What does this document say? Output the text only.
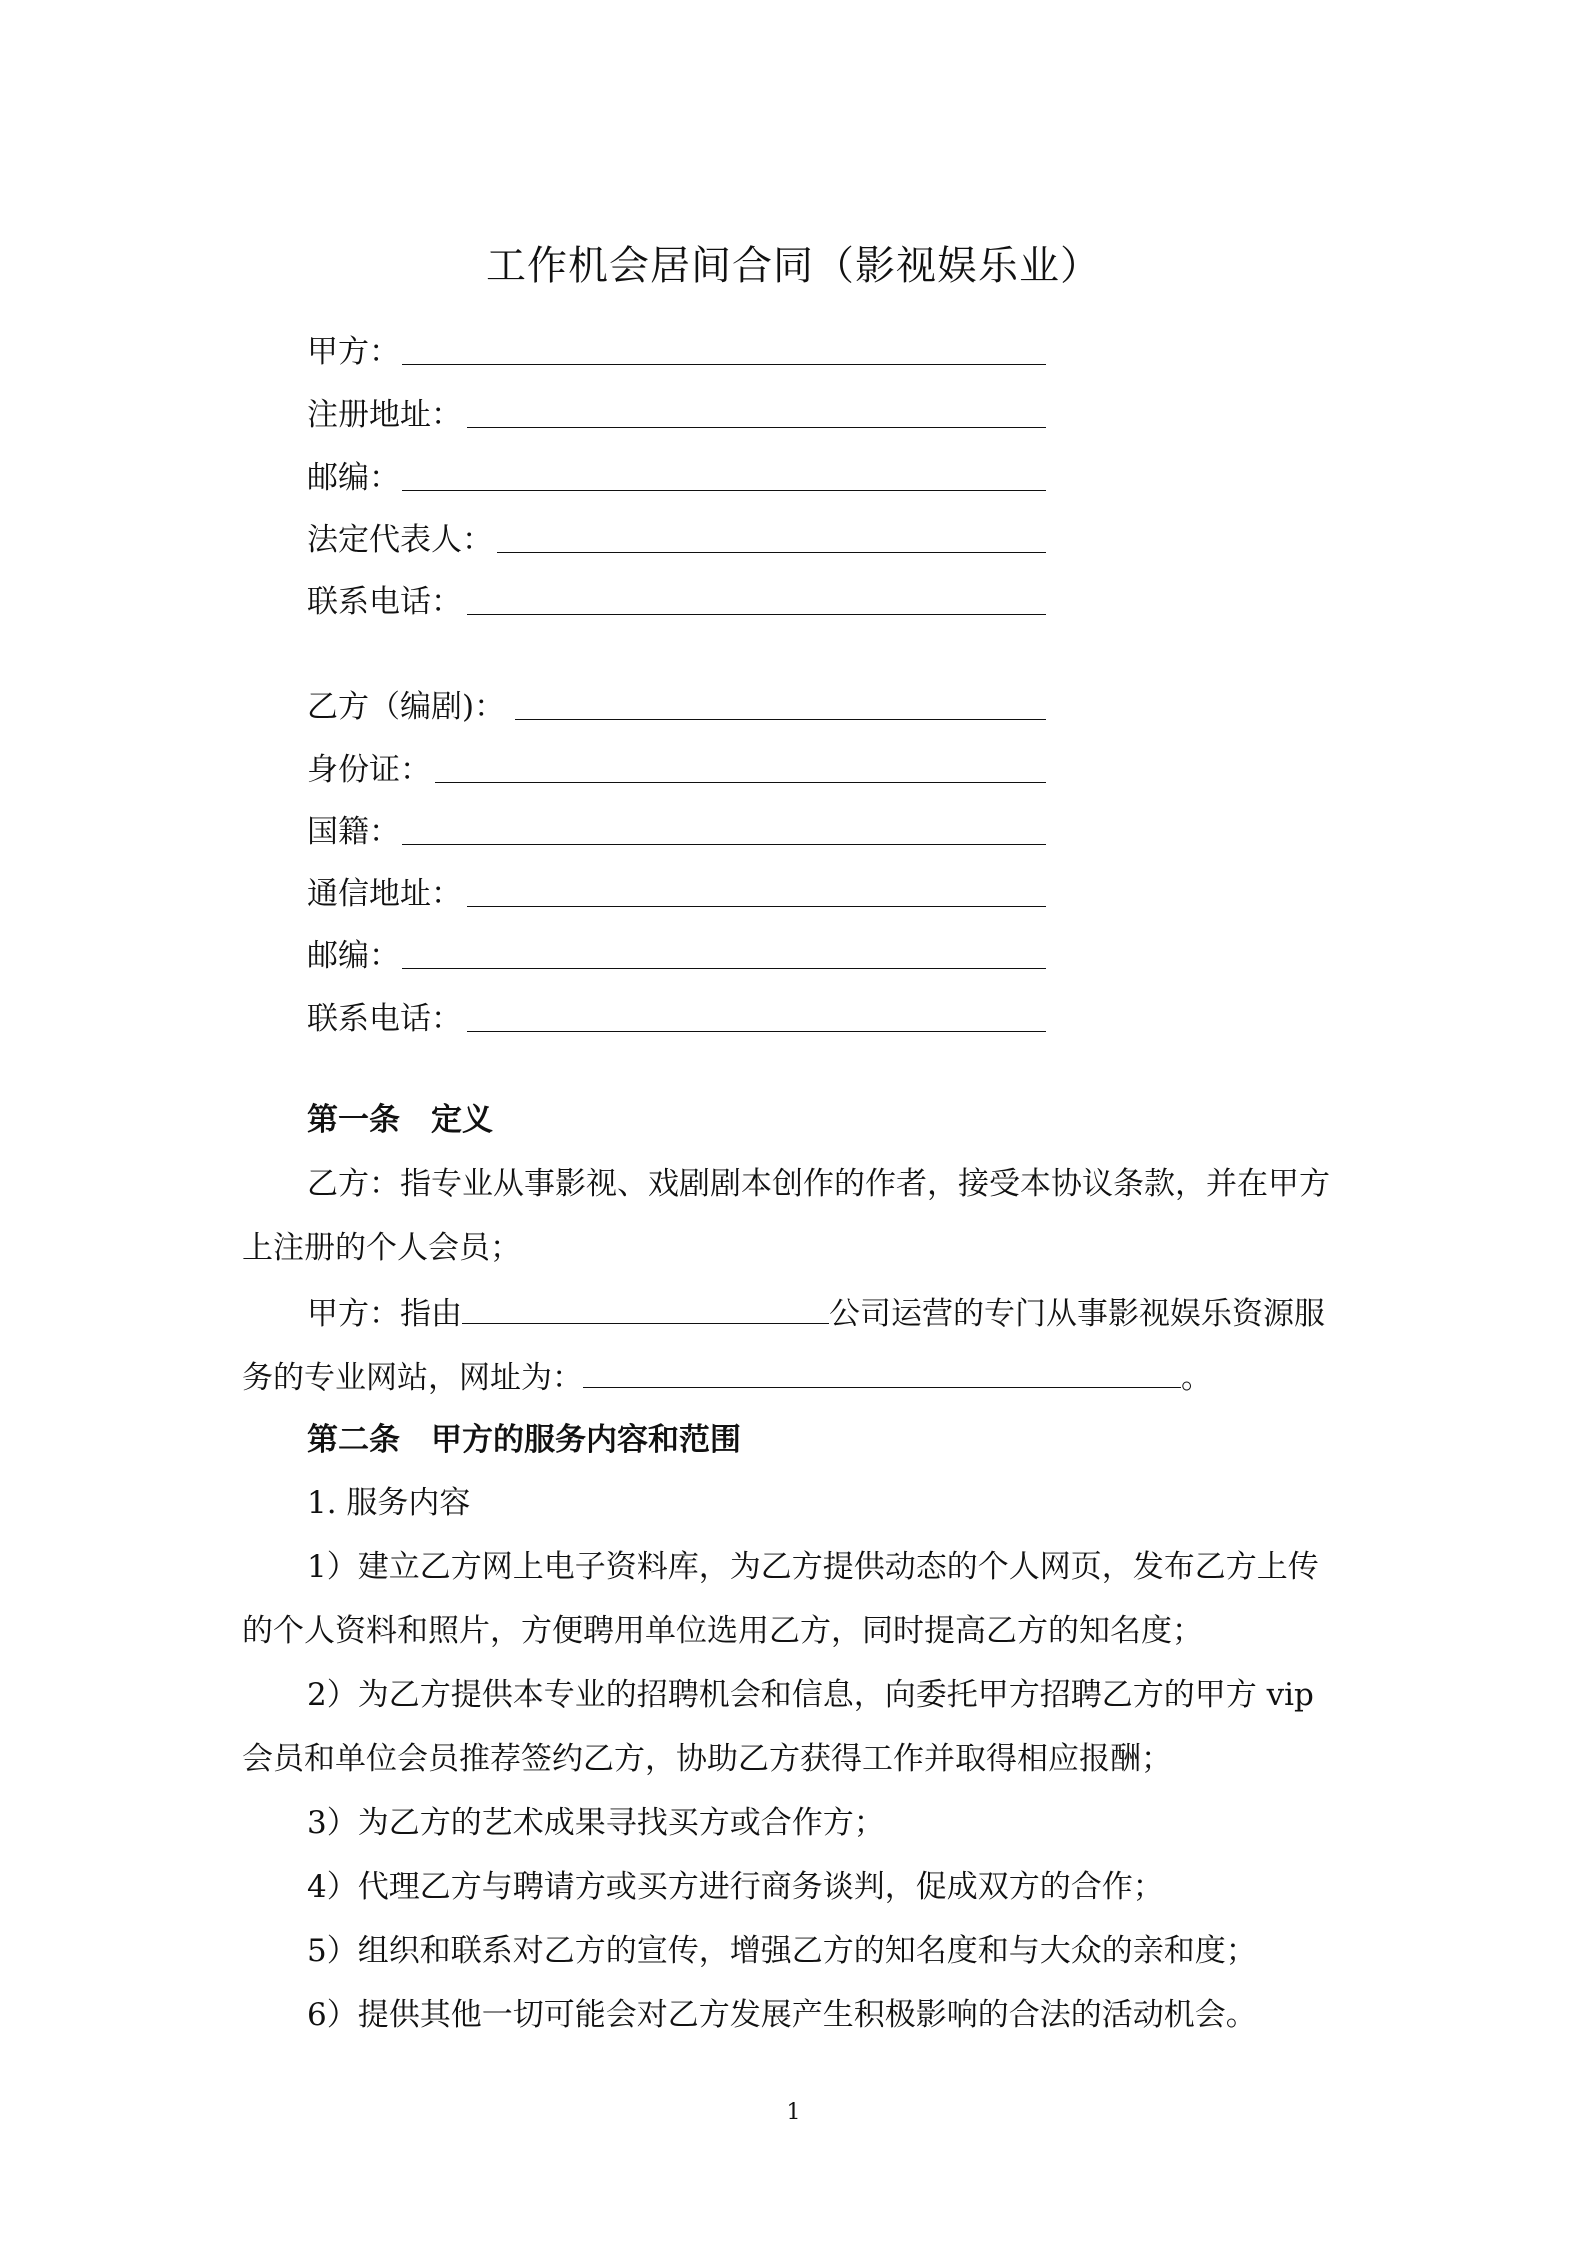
工作机会居间合同（影视娱乐业）
甲方：
注册地址：
邮编：
法定代表人：
联系电话：
乙方（编剧)：
身份证：
国籍：
通信地址：
邮编：
联系电话：
第一条　定义
乙方：指专业从事影视、戏剧剧本创作的作者，接受本协议条款，并在甲方
上注册的个人会员；
甲方：指由	公司运营的专门从事影视娱乐资源服
务的专业网站，网址为：	。
第二条　甲方的服务内容和范围
1. 服务内容
1）建立乙方网上电子资料库，为乙方提供动态的个人网页，发布乙方上传
的个人资料和照片，方便聘用单位选用乙方，同时提高乙方的知名度；
2）为乙方提供本专业的招聘机会和信息，向委托甲方招聘乙方的甲方 vip
会员和单位会员推荐签约乙方，协助乙方获得工作并取得相应报酬；
3）为乙方的艺术成果寻找买方或合作方；
4）代理乙方与聘请方或买方进行商务谈判，促成双方的合作；
5）组织和联系对乙方的宣传，增强乙方的知名度和与大众的亲和度；
6）提供其他一切可能会对乙方发展产生积极影响的合法的活动机会。
1
